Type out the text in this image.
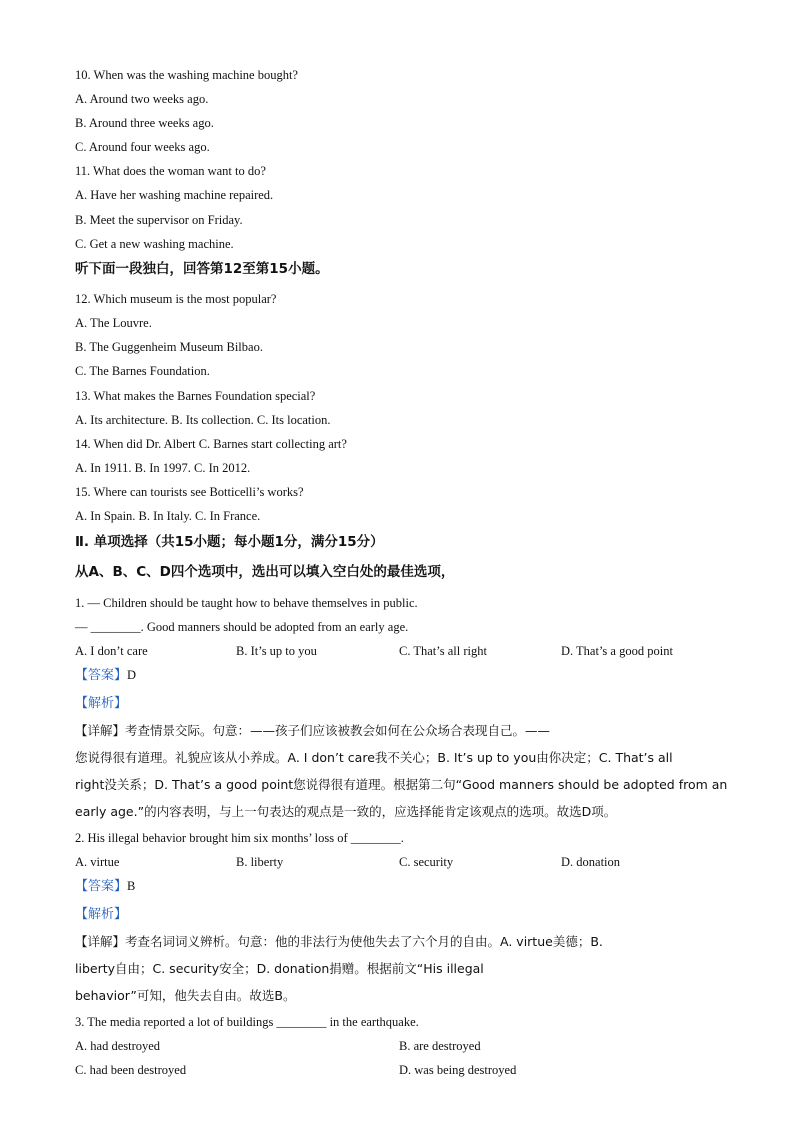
10. When was the washing machine bought?
A. Around two weeks ago.
B. Around three weeks ago.
C. Around four weeks ago.
11. What does the woman want to do?
A. Have her washing machine repaired.
B. Meet the supervisor on Friday.
C. Get a new washing machine.
听下面一段独白，回答第12至第15小题。
12. Which museum is the most popular?
A. The Louvre.
B. The Guggenheim Museum Bilbao.
C. The Barnes Foundation.
13. What makes the Barnes Foundation special?
A. Its architecture. B. Its collection. C. Its location.
14. When did Dr. Albert C. Barnes start collecting art?
A. In 1911. B. In 1997. C. In 2012.
15. Where can tourists see Botticelli’s works?
A. In Spain. B. In Italy. C. In France.
Ⅱ. 单项选择（共15小题；每小题1分，满分15分）
从A、B、C、D四个选项中，选出可以填入空白处的最佳选项，
1. — Children should be taught how to behave themselves in public.
— ________. Good manners should be adopted from an early age.
A. I don’t care	B. It’s up to you	C. That’s all right	D. That’s a good point
【答案】D
【解析】
【详解】考查情景交际。句意：——孩子们应该被教会如何在公众场合表现自己。——
您说得很有道理。礼貌应该从小养成。A. I don’t care我不关心；B. It’s up to you由你决定；C. That’s all
right没关系；D. That’s a good point您说得很有道理。根据第二句“Good manners should be adopted from an
early age.”的内容表明，与上一句表达的观点是一致的，应选择能肯定该观点的选项。故选D项。
2. His illegal behavior brought him six months’ loss of ________.
A. virtue	B. liberty	C. security	D. donation
【答案】B
【解析】
【详解】考查名词词义辨析。句意：他的非法行为使他失去了六个月的自由。A. virtue美德；B.
liberty自由；C. security安全；D. donation捐赠。根据前文“His illegal
behavior”可知，他失去自由。故选B。
3. The media reported a lot of buildings ________ in the earthquake.
A. had destroyed	B. are destroyed
C. had been destroyed	D. was being destroyed
